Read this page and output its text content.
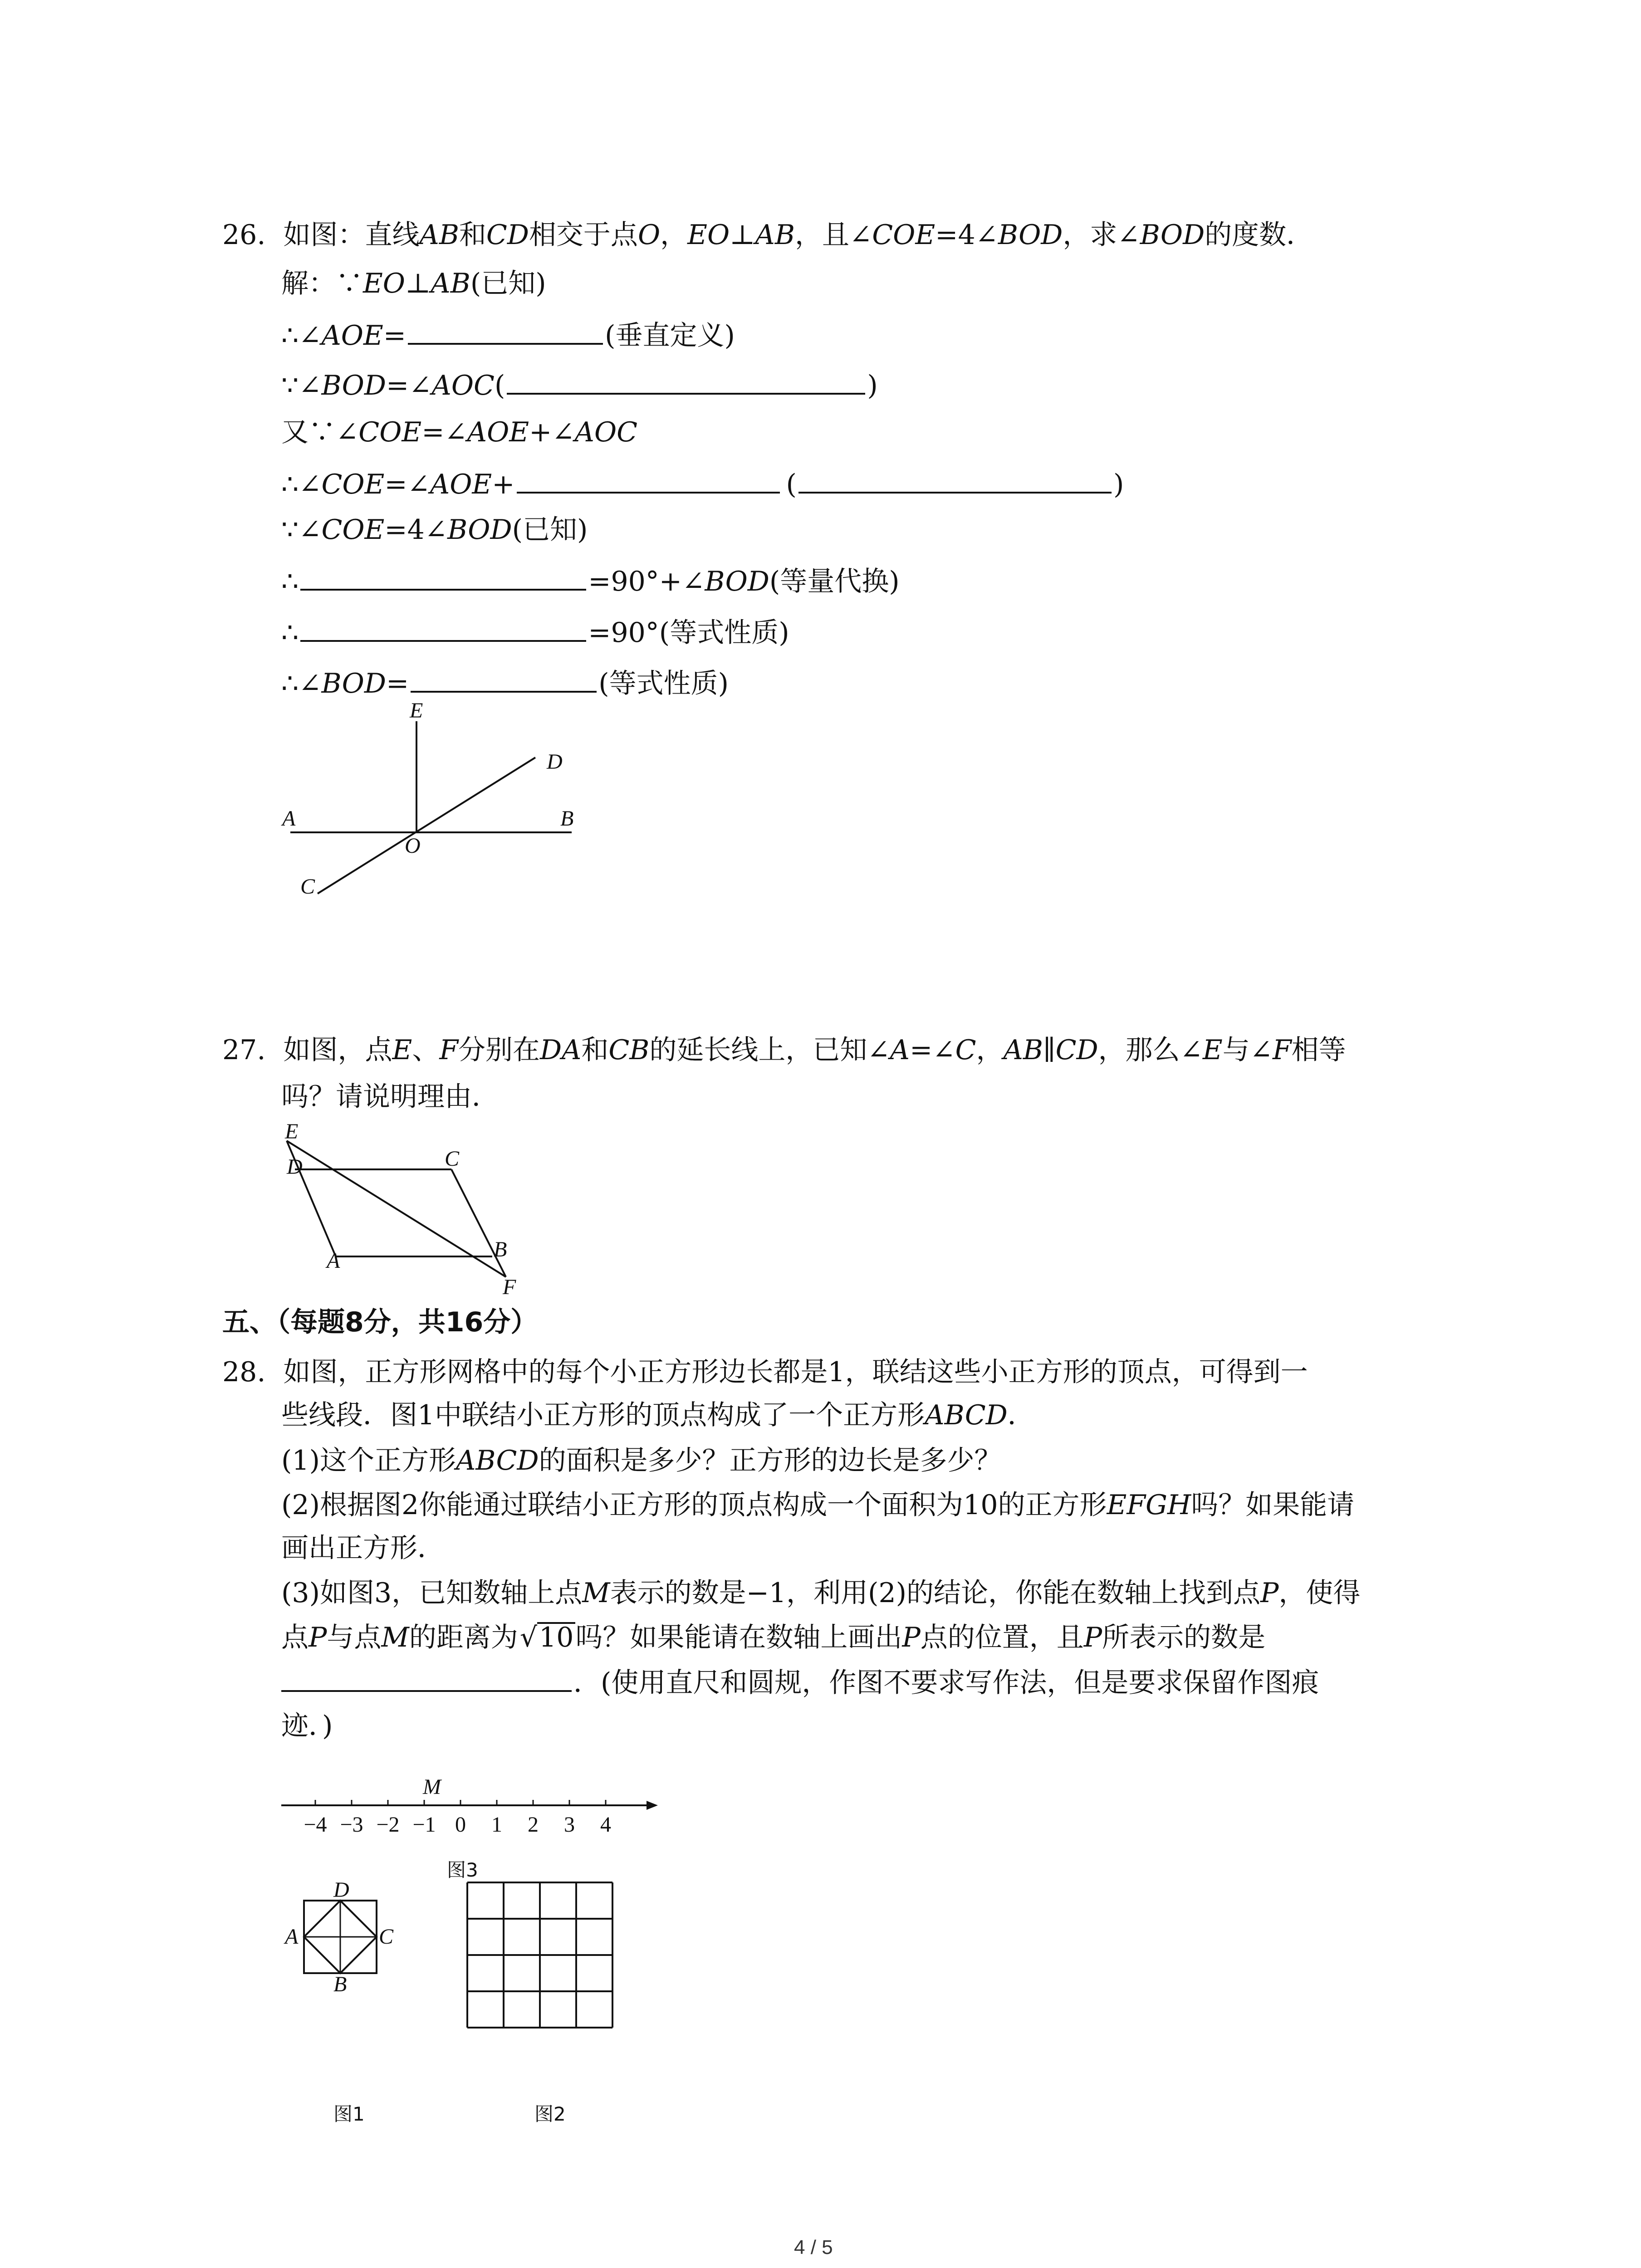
26. 如图：直线AB和CD相交于点O，EO⊥AB，且∠COE=4∠BOD，求∠BOD的度数．
解：∵EO⊥AB(已知)
∴∠AOE=	(垂直定义)
∵∠BOD=∠AOC(	)
又∵∠COE=∠AOE+∠AOC
∴∠COE=∠AOE+	(	)
∵∠COE=4∠BOD(已知)
∴	=90°+∠BOD(等量代换)
∴	=90°(等式性质)
∴∠BOD=	(等式性质)
E
D
A	B
O
C
27. 如图，点E、F分别在DA和CB的延长线上，已知∠A=∠C，AB∥CD，那么∠E与∠F相等
吗？请说明理由．
E
D	C
A	B
F
五、（每题8分，共16分）
28. 如图，正方形网格中的每个小正方形边长都是1，联结这些小正方形的顶点，可得到一
些线段．图1中联结小正方形的顶点构成了一个正方形ABCD．
(1)这个正方形ABCD的面积是多少？正方形的边长是多少？
(2)根据图2你能通过联结小正方形的顶点构成一个面积为10的正方形EFGH吗？如果能请
画出正方形．
(3)如图3，已知数轴上点M表示的数是−1，利用(2)的结论，你能在数轴上找到点P，使得
点P与点M的距离为√10吗？如果能请在数轴上画出P点的位置，且P所表示的数是
．(使用直尺和圆规，作图不要求写作法，但是要求保留作图痕
迹．)
−4 −3 −2 −1 0 1 2 3 4
M
图3
D
A	C
B
图1	图2
4 / 5
